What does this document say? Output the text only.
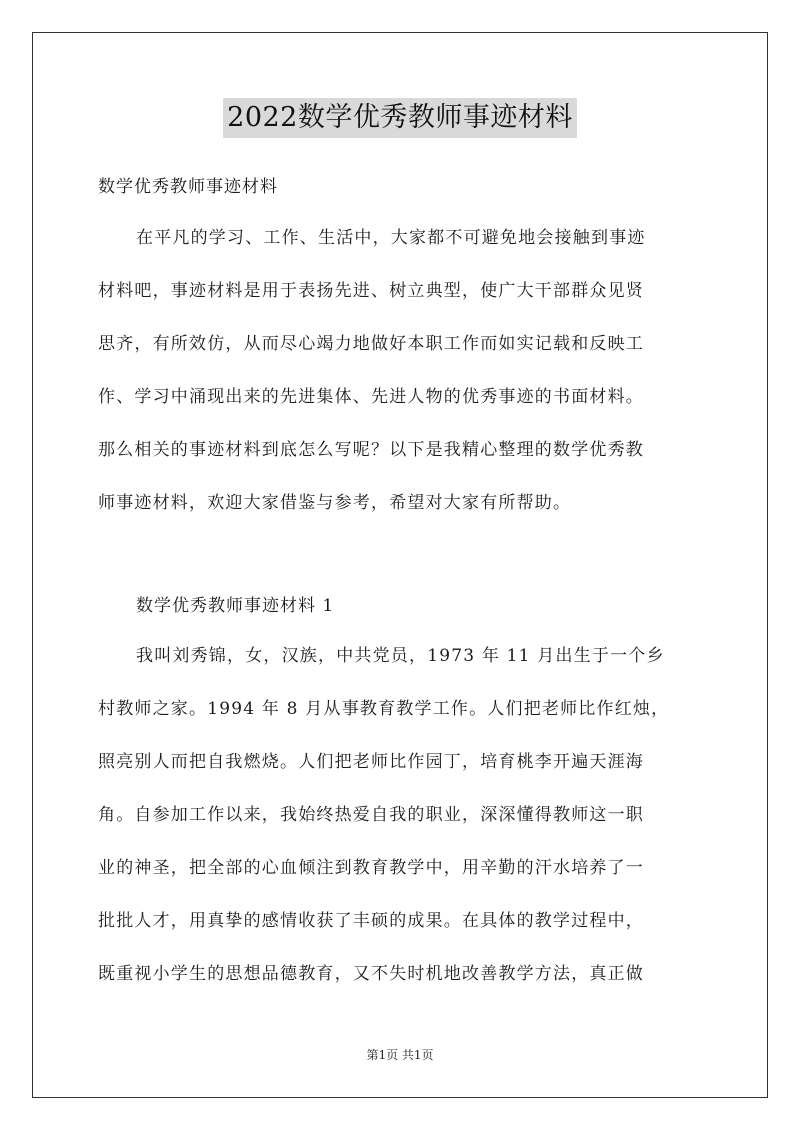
2022数学优秀教师事迹材料
数学优秀教师事迹材料
在平凡的学习、工作、生活中，大家都不可避免地会接触到事迹
材料吧，事迹材料是用于表扬先进、树立典型，使广大干部群众见贤
思齐，有所效仿，从而尽心竭力地做好本职工作而如实记载和反映工
作、学习中涌现出来的先进集体、先进人物的优秀事迹的书面材料。
那么相关的事迹材料到底怎么写呢？以下是我精心整理的数学优秀教
师事迹材料，欢迎大家借鉴与参考，希望对大家有所帮助。
数学优秀教师事迹材料 1
我叫刘秀锦，女，汉族，中共党员，1973 年 11 月出生于一个乡
村教师之家。1994 年 8 月从事教育教学工作。人们把老师比作红烛，
照亮别人而把自我燃烧。人们把老师比作园丁，培育桃李开遍天涯海
角。自参加工作以来，我始终热爱自我的职业，深深懂得教师这一职
业的神圣，把全部的心血倾注到教育教学中，用辛勤的汗水培养了一
批批人才，用真挚的感情收获了丰硕的成果。在具体的教学过程中，
既重视小学生的思想品德教育，又不失时机地改善教学方法，真正做
第1页 共1页
